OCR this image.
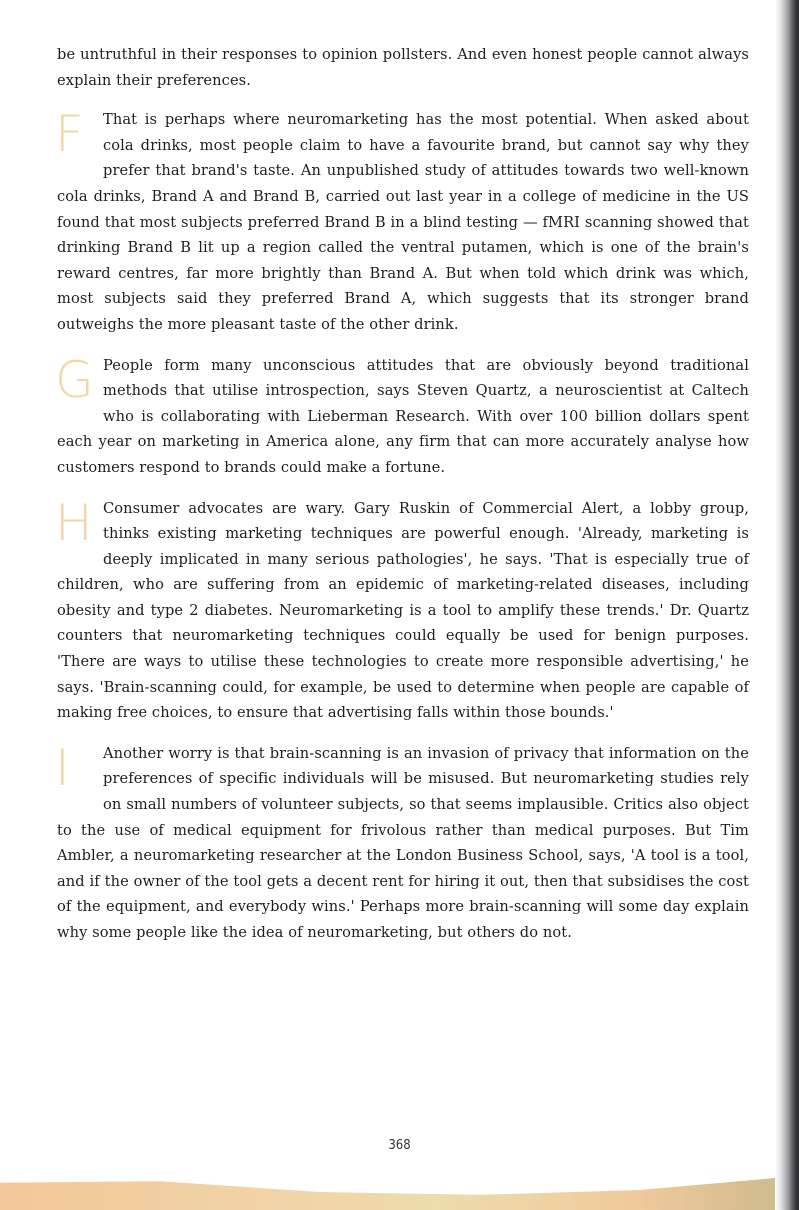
be untruthful in their responses to opinion pollsters. And even honest people cannot always explain their preferences.

F	That is perhaps where neuromarketing has the most potential. When asked about cola drinks, most people claim to have a favourite brand, but cannot say why they prefer that brand's taste. An unpublished study of attitudes towards two well-known cola drinks, Brand A and Brand B, carried out last year in a college of medicine in the US found that most subjects preferred Brand B in a blind testing — fMRI scanning showed that drinking Brand B lit up a region called the ventral putamen, which is one of the brain's reward centres, far more brightly than Brand A. But when told which drink was which, most subjects said they preferred Brand A, which suggests that its stronger brand outweighs the more pleasant taste of the other drink.
G People form many unconscious attitudes that are obviously beyond traditional methods that utilise introspection, says Steven Quartz, a neuroscientist at Caltech who is collaborating with Lieberman Research. With over 100 billion dollars spent each year on marketing in America alone, any firm that can more accurately analyse how customers respond to brands could make a fortune.
H Consumer advocates are wary. Gary Ruskin of Commercial Alert, a lobby group, thinks existing marketing techniques are powerful enough. 'Already, marketing is deeply implicated in many serious pathologies', he says. 'That is especially true of children, who are suffering from an epidemic of marketing-related diseases, including obesity and type 2 diabetes. Neuromarketing is a tool to amplify these trends.' Dr. Quartz counters that neuromarketing techniques could equally be used for benign purposes. 'There are ways to utilise these technologies to create more responsible advertising,' he says. 'Brain-scanning could, for example, be used to determine when people are capable of making free choices, to ensure that advertising falls within those bounds.'
I	Another worry is that brain-scanning is an invasion of privacy that information on the preferences of specific individuals will be misused. But neuromarketing studies rely on small numbers of volunteer subjects, so that seems implausible. Critics also object to the use of medical equipment for frivolous rather than medical purposes. But Tim Ambler, a neuromarketing researcher at the London Business School, says, 'A tool is a tool, and if the owner of the tool gets a decent rent for hiring it out, then that subsidises the cost of the equipment, and everybody wins.' Perhaps more brain-scanning will some day explain why some people like the idea of neuromarketing, but others do not.
368
